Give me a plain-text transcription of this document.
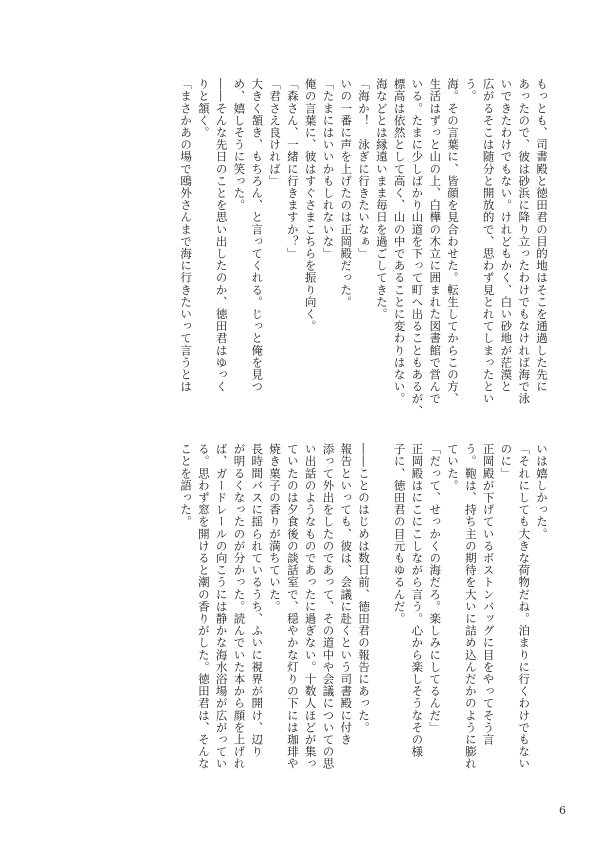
もっとも、司書殿と徳田君の目的地はそこを通過した先に
あったので、彼は砂浜に降り立ったわけでもなければ海で泳
いできたわけでもない。けれどもかく、白い砂地が茫漠と
広がるそこは随分と開放的で、思わず見とれてしまったとい
う。
海。その言葉に、皆顔を見合わせた。転生してからこの方、
生活はずっと山の上、白樺の木立に囲まれた図書館で営んで
いる。たまに少しばかり山道を下って町へ出ることもあるが、
標高は依然として高く、山の中であることに変わりはない。
海などとは縁遠いまま毎日を過ごしてきた。
「海か！　泳ぎに行きたいなぁ」
いの一番に声を上げたのは正岡殿だった。
「たまにはいいかもしれないな」
俺の言葉に、彼はすぐさまこちらを振り向く。
「森さん、一緒に行きますか？」
「君さえ良ければ」
大きく頷き、もちろん、と言ってくれる。じっと俺を見つ
め、嬉しそうに笑った。
――そんな先日のことを思い出したのか、徳田君はゆっく
りと頷く。
「まさかあの場で鴎外さんまで海に行きたいって言うとは
いは嬉しかった。
「それにしても大きな荷物だね。泊まりに行くわけでもない
のに」
正岡殿が下げているボストンバッグに目をやってそう言
う。鞄は、持ち主の期待を大いに詰め込んだかのように膨れ
ていた。
「だって、せっかくの海だろ。楽しみにしてるんだ」
正岡殿はにこにこしながら言う。心から楽しそうなその様
子に、徳田君の目元もゆるんだ。

――ことのはじめは数日前、徳田君の報告にあった。
報告といっても、彼は、会議に赴くという司書殿に付き
添って外出をしたのであって、その道中や会議についての思
い出話のようなものであったに過ぎない。十数人ほどが集っ
ていたのは夕食後の談話室で、穏やかな灯りの下には珈琲や
焼き菓子の香りが満ちていた。
長時間バスに揺られているうち、ふいに視界が開け、辺り
が明るくなったのが分かった。読んでいた本から顔を上げれ
ば、ガードレールの向こうには静かな海水浴場が広がってい
る。思わず窓を開けると潮の香りがした。徳田君は、そんな
ことを語った。
6
